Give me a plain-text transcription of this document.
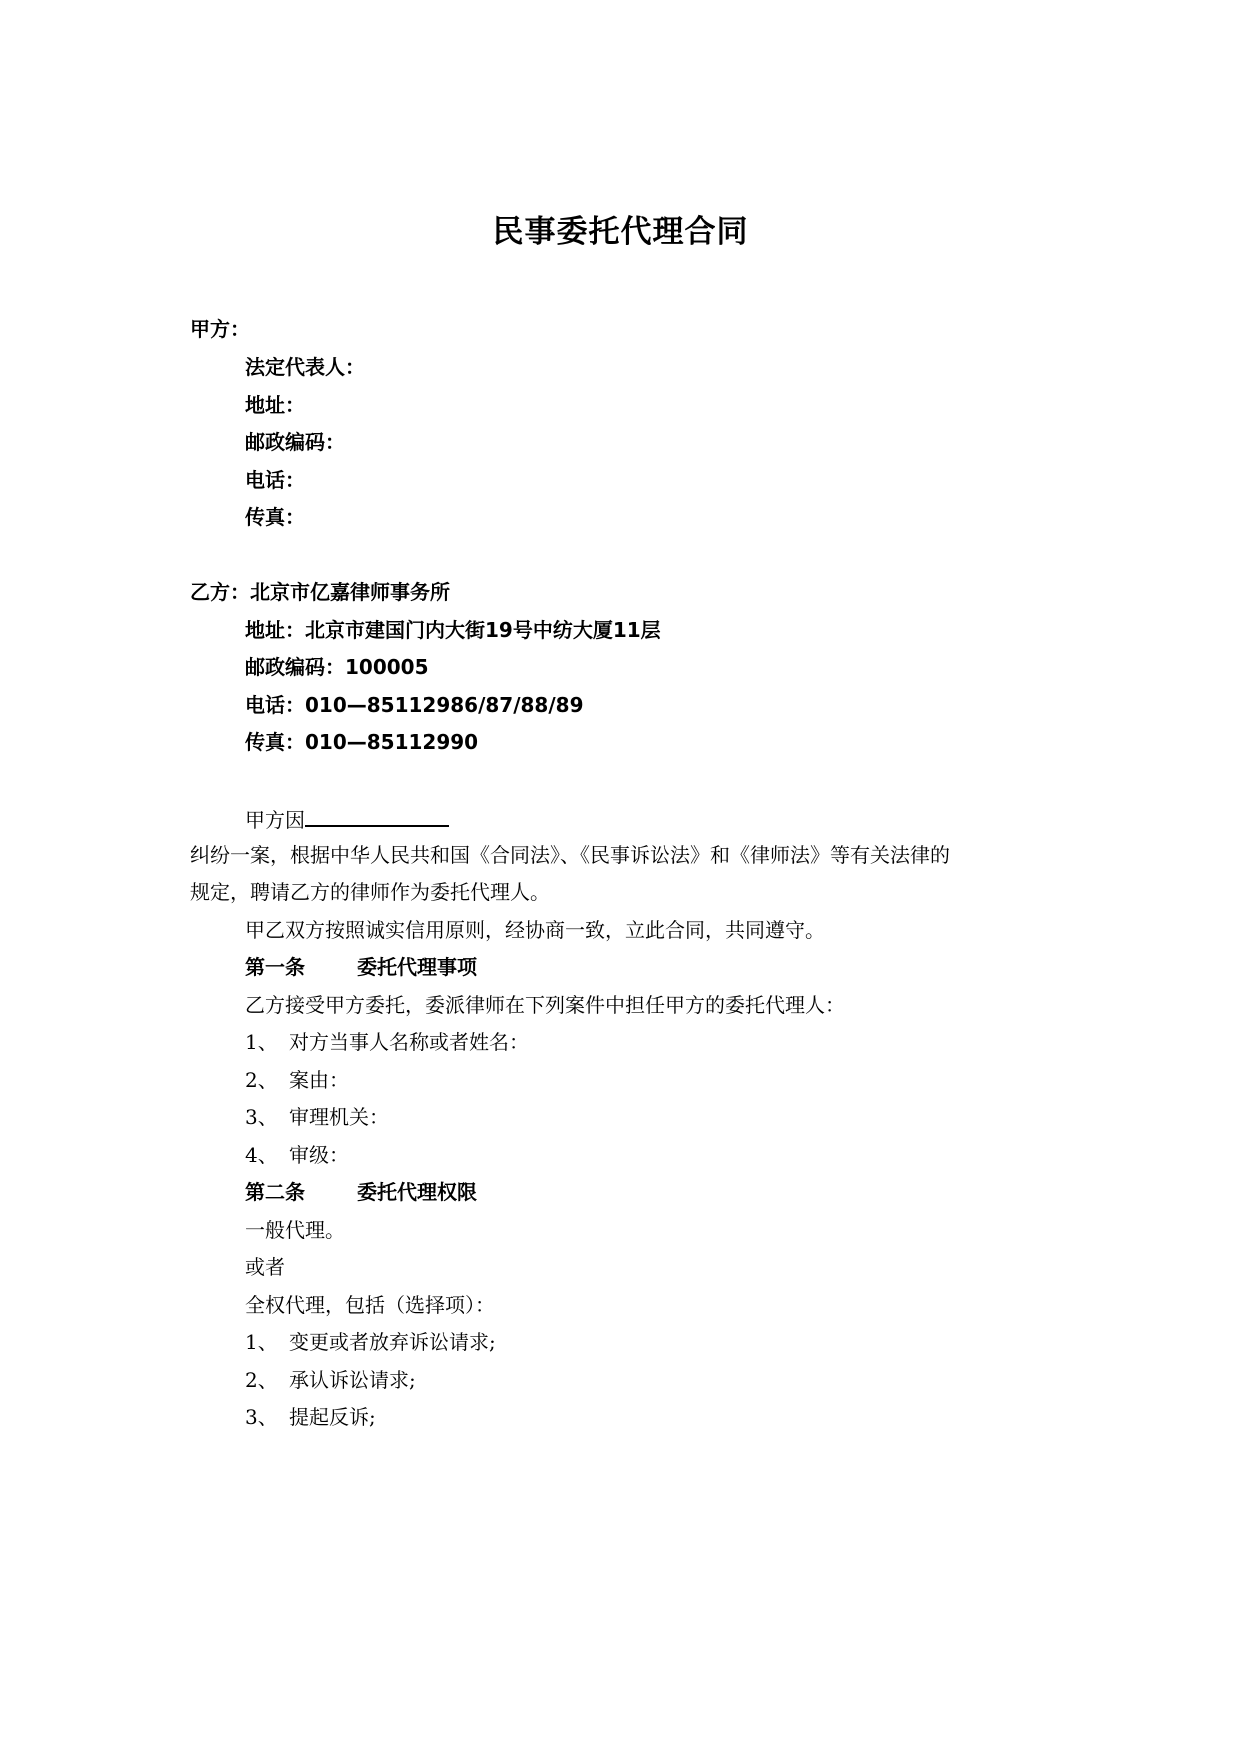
民事委托代理合同
甲方：
法定代表人：
地址：
邮政编码：
电话：
传真：
乙方：北京市亿嘉律师事务所
地址：北京市建国门内大街19号中纺大厦11层
邮政编码：100005
电话：010—85112986/87/88/89
传真：010—85112990
甲方因
纠纷一案，根据中华人民共和国《合同法》、《民事诉讼法》和《律师法》等有关法律的
规定，聘请乙方的律师作为委托代理人。
甲乙双方按照诚实信用原则，经协商一致，立此合同，共同遵守。
第一条	委托代理事项
乙方接受甲方委托，委派律师在下列案件中担任甲方的委托代理人：
1、 对方当事人名称或者姓名：
2、 案由：
3、 审理机关：
4、 审级：
第二条	委托代理权限
一般代理。
或者
全权代理，包括（选择项）：
1、 变更或者放弃诉讼请求;
2、 承认诉讼请求;
3、 提起反诉;
